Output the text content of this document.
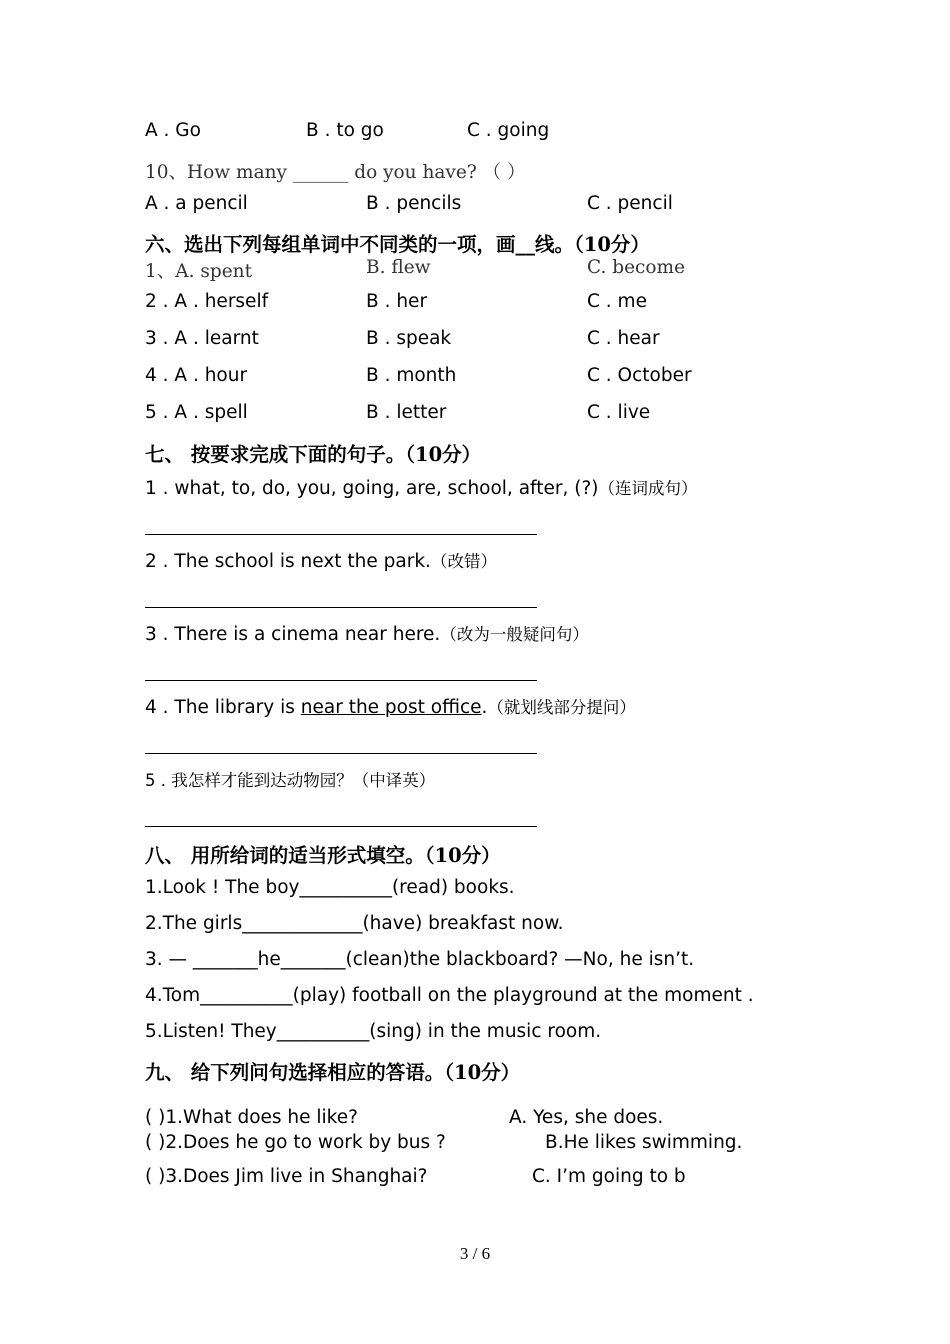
A . Go	B . to go	C . going
10、How many ______ do you have? （ ）
A . a pencil	B . pencils	C . pencil
六、选出下列每组单词中不同类的一项，画__线。（10分）
1、A. spent	B. flew	C. become
2 . A . herself	B . her	C . me
3 . A . learnt	B . speak	C . hear
4 . A . hour	B . month	C . October
5 . A . spell	B . letter	C . live
七、 按要求完成下面的句子。（10分）
1 . what, to, do, you, going, are, school, after, (?)（连词成句）
2 . The school is next the park.（改错）
3 . There is a cinema near here.（改为一般疑问句）
4 . The library is near the post office.（就划线部分提问）
5 . 我怎样才能到达动物园？（中译英）
八、 用所给词的适当形式填空。（10分）
1.Look ! The boy__________(read) books.
2.The girls_____________(have) breakfast now.
3. — _______he_______(clean)the blackboard? —No, he isn’t.
4.Tom__________(play) football on the playground at the moment .
5.Listen! They__________(sing) in the music room.
九、 给下列问句选择相应的答语。（10分）
( )1.What does he like?	A. Yes, she does.
( )2.Does he go to work by bus ?	B.He likes swimming.
( )3.Does Jim live in Shanghai?	C. I’m going to b
3 / 6
